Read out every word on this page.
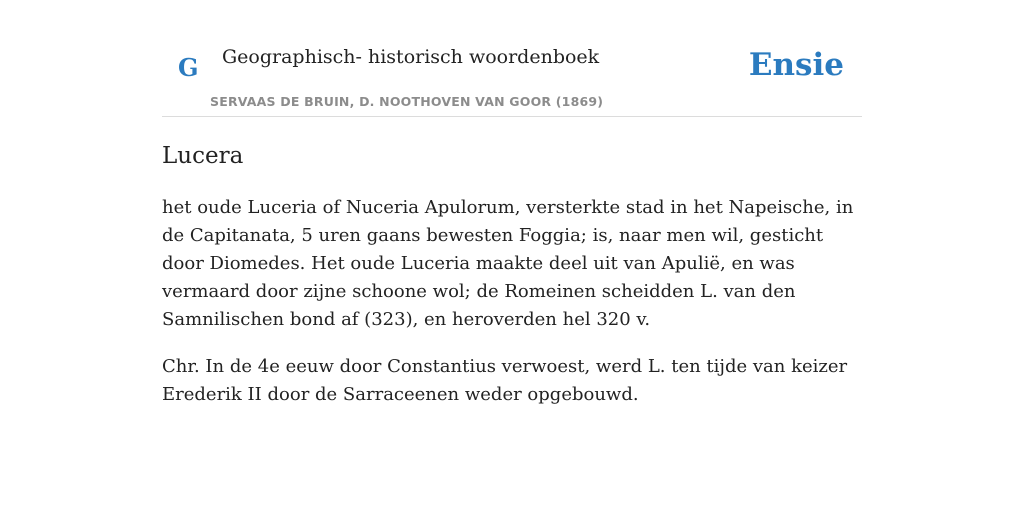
G Geographisch- historisch woordenboek
SERVAAS DE BRUIN, D. NOOTHOVEN VAN GOOR (1869)
Ensie
Lucera

het oude Luceria of Nuceria Apulorum, versterkte stad in het Napeische, in de Capitanata, 5 uren gaans bewesten Foggia; is, naar men wil, gesticht door Diomedes. Het oude Luceria maakte deel uit van Apulië, en was vermaard door zijne schoone wol; de Romeinen scheidden L. van den Samnilischen bond af (323), en heroverden hel 320 v.

Chr. In de 4e eeuw door Constantius verwoest, werd L. ten tijde van keizer Erederik II door de Sarraceenen weder opgebouwd.
